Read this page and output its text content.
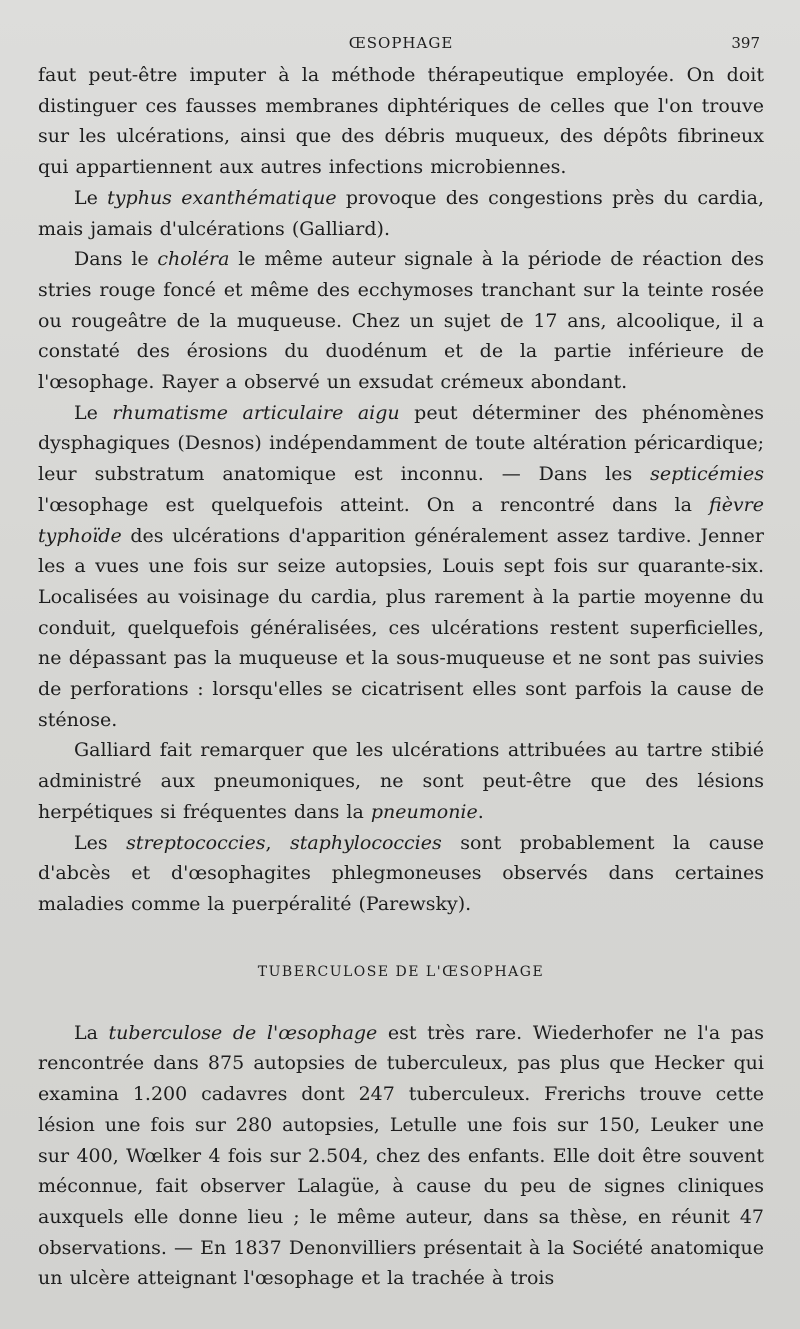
ŒSOPHAGE	397

faut peut-être imputer à la méthode thérapeutique employée. On doit distinguer ces fausses membranes diphtériques de celles que l'on trouve sur les ulcérations, ainsi que des débris muqueux, des dépôts fibrineux qui appartiennent aux autres infections microbiennes.

Le typhus exanthématique provoque des congestions près du cardia, mais jamais d'ulcérations (Galliard).

Dans le choléra le même auteur signale à la période de réaction des stries rouge foncé et même des ecchymoses tranchant sur la teinte rosée ou rougeâtre de la muqueuse. Chez un sujet de 17 ans, alcoolique, il a constaté des érosions du duodénum et de la partie inférieure de l'œsophage. Rayer a observé un exsudat crémeux abondant.

Le rhumatisme articulaire aigu peut déterminer des phénomènes dysphagiques (Desnos) indépendamment de toute altération péricardique; leur substratum anatomique est inconnu. — Dans les septicémies l'œsophage est quelquefois atteint. On a rencontré dans la fièvre typhoïde des ulcérations d'apparition généralement assez tardive. Jenner les a vues une fois sur seize autopsies, Louis sept fois sur quarante-six. Localisées au voisinage du cardia, plus rarement à la partie moyenne du conduit, quelquefois généralisées, ces ulcérations restent superficielles, ne dépassant pas la muqueuse et la sous-muqueuse et ne sont pas suivies de perforations : lorsqu'elles se cicatrisent elles sont parfois la cause de sténose.

Galliard fait remarquer que les ulcérations attribuées au tartre stibié administré aux pneumoniques, ne sont peut-être que des lésions herpétiques si fréquentes dans la pneumonie.

Les streptococcies, staphylococcies sont probablement la cause d'abcès et d'œsophagites phlegmoneuses observés dans certaines maladies comme la puerpéralité (Parewsky).

TUBERCULOSE DE L'ŒSOPHAGE

La tuberculose de l'œsophage est très rare. Wiederhofer ne l'a pas rencontrée dans 875 autopsies de tuberculeux, pas plus que Hecker qui examina 1.200 cadavres dont 247 tuberculeux. Frerichs trouve cette lésion une fois sur 280 autopsies, Letulle une fois sur 150, Leuker une sur 400, Wœlker 4 fois sur 2.504, chez des enfants. Elle doit être souvent méconnue, fait observer Lalagüe, à cause du peu de signes cliniques auxquels elle donne lieu ; le même auteur, dans sa thèse, en réunit 47 observations. — En 1837 Denonvilliers présentait à la Société anatomique un ulcère atteignant l'œsophage et la trachée à trois
